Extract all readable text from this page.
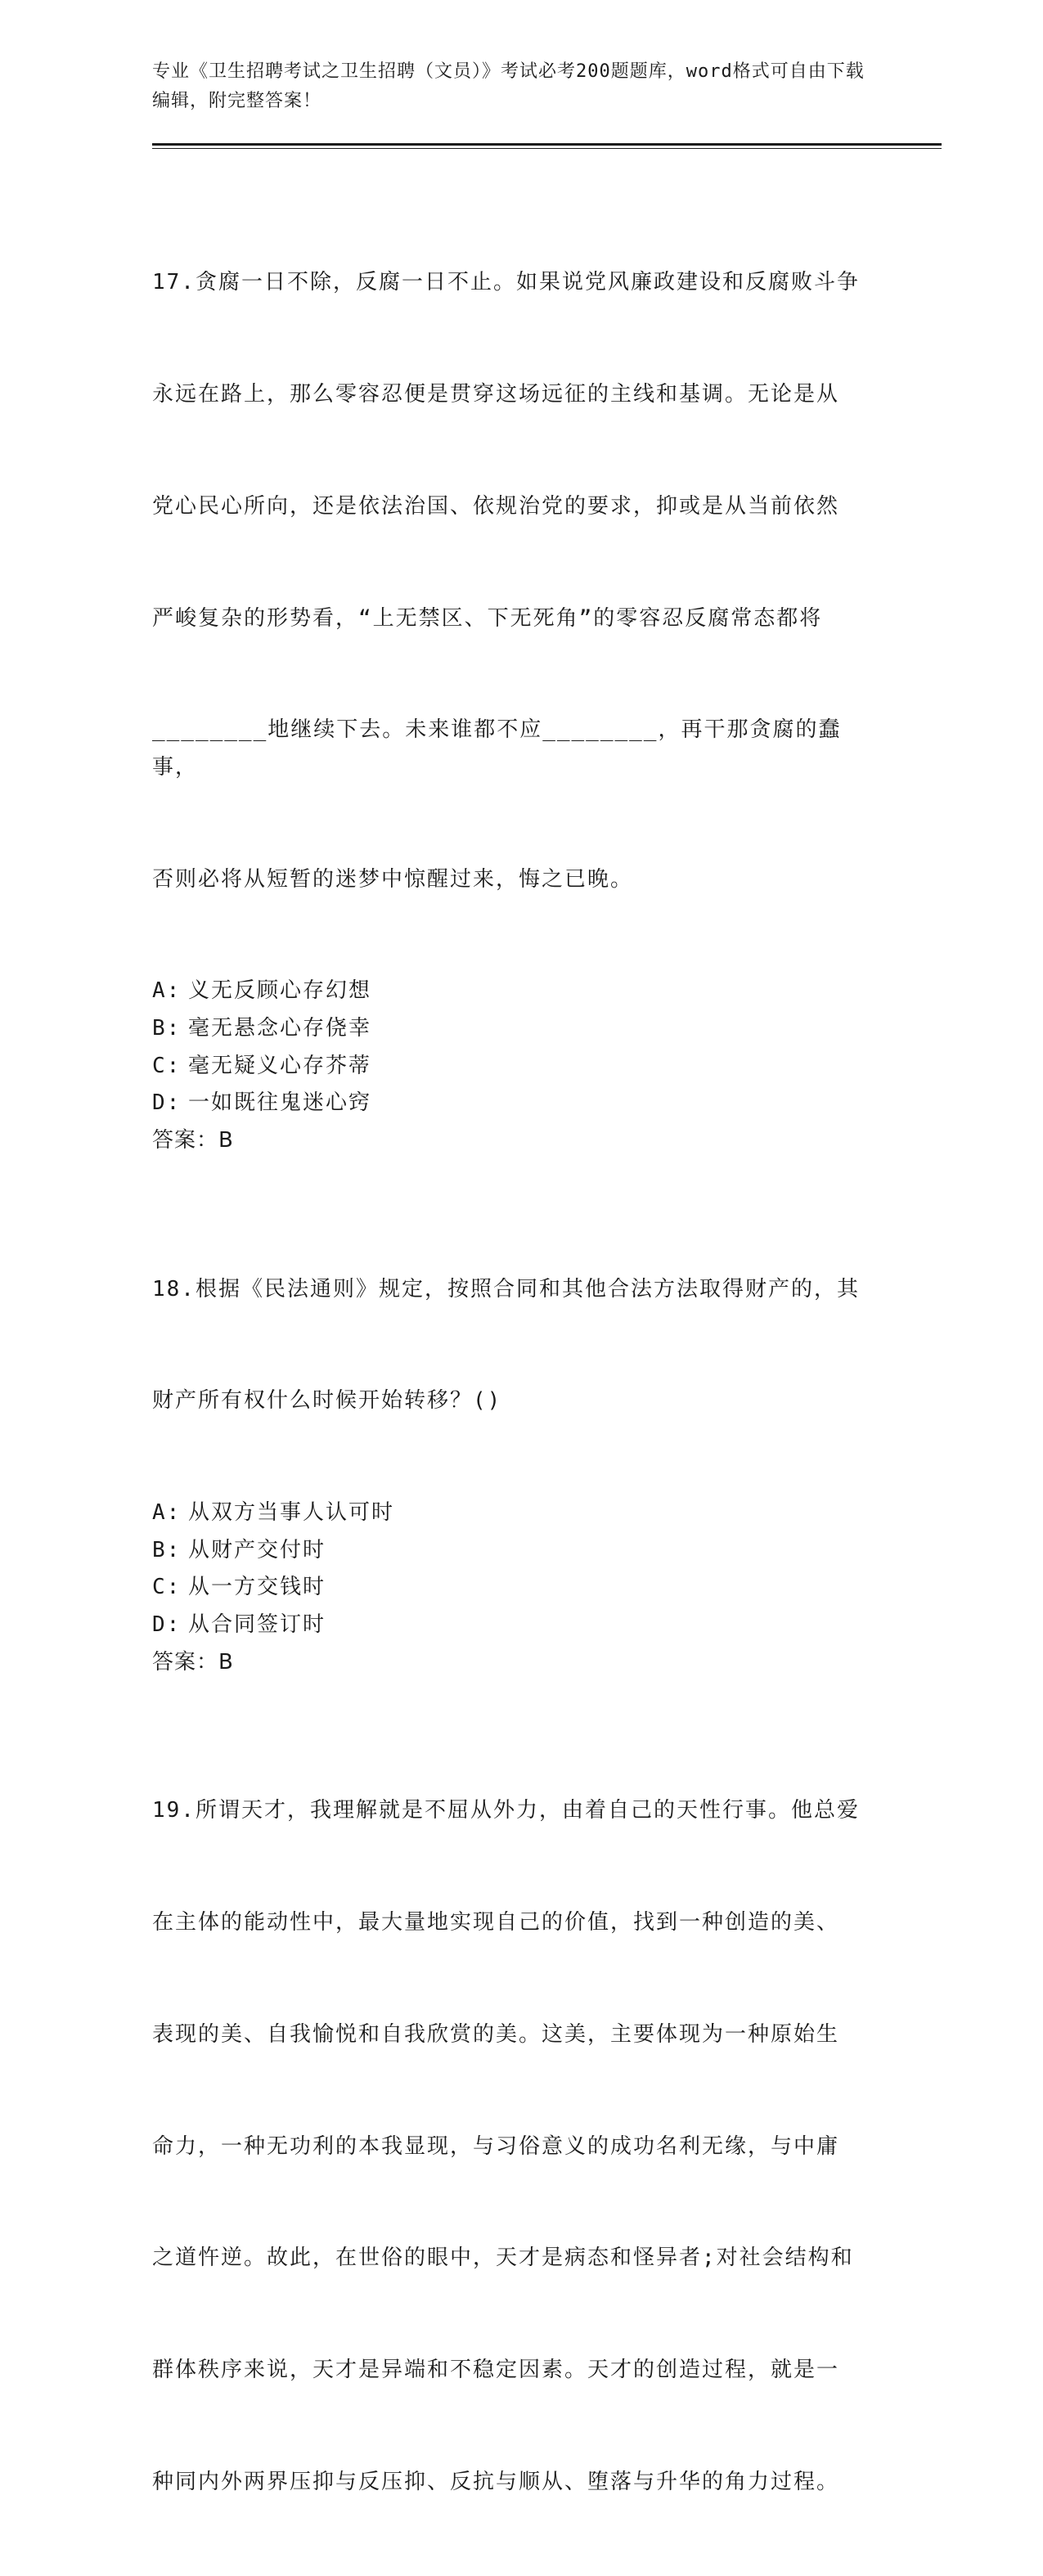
专业《卫生招聘考试之卫生招聘（文员）》考试必考200题题库，word格式可自由下载编辑，附完整答案！

17.贪腐一日不除，反腐一日不止。如果说党风廉政建设和反腐败斗争

永远在路上，那么零容忍便是贯穿这场远征的主线和基调。无论是从

党心民心所向，还是依法治国、依规治党的要求，抑或是从当前依然

严峻复杂的形势看，“上无禁区、下无死角”的零容忍反腐常态都将

________地继续下去。未来谁都不应________，再干那贪腐的蠢事，

否则必将从短暂的迷梦中惊醒过来，悔之已晚。

A: 义无反顾心存幻想
B: 毫无悬念心存侥幸
C: 毫无疑义心存芥蒂
D: 一如既往鬼迷心窍
答案：B

18.根据《民法通则》规定，按照合同和其他合法方法取得财产的，其

财产所有权什么时候开始转移？()

A: 从双方当事人认可时
B: 从财产交付时
C: 从一方交钱时
D: 从合同签订时
答案：B

19.所谓天才，我理解就是不屈从外力，由着自己的天性行事。他总爱

在主体的能动性中，最大量地实现自己的价值，找到一种创造的美、

表现的美、自我愉悦和自我欣赏的美。这美，主要体现为一种原始生

命力，一种无功利的本我显现，与习俗意义的成功名利无缘，与中庸

之道忤逆。故此，在世俗的眼中，天才是病态和怪异者;对社会结构和

群体秩序来说，天才是异端和不稳定因素。天才的创造过程，就是一

种同内外两界压抑与反压抑、反抗与顺从、堕落与升华的角力过程。
